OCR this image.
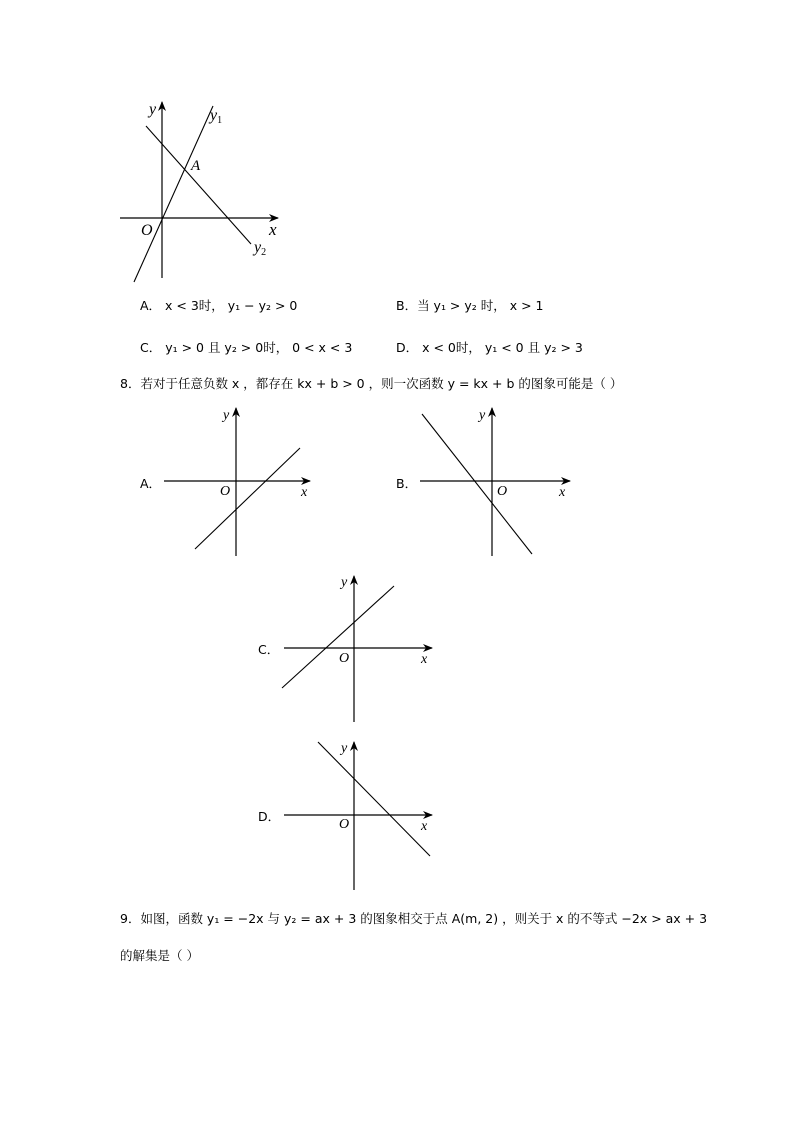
y
x
O
A
y1
y2
A． x < 3时， y₁ − y₂ > 0	B．当 y₁ > y₂ 时， x > 1
C． y₁ > 0 且 y₂ > 0时， 0 < x < 3	D． x < 0时， y₁ < 0 且 y₂ > 3
8．若对于任意负数 x ，都存在 kx + b > 0 ，则一次函数 y = kx + b 的图象可能是（ ）
A．
y
x
O
B．
y
x
O
C．
y
x
O
D．
y
x
O
9．如图，函数 y₁ = −2x 与 y₂ = ax + 3 的图象相交于点 A(m, 2) ，则关于 x 的不等式 −2x > ax + 3
的解集是（ ）
